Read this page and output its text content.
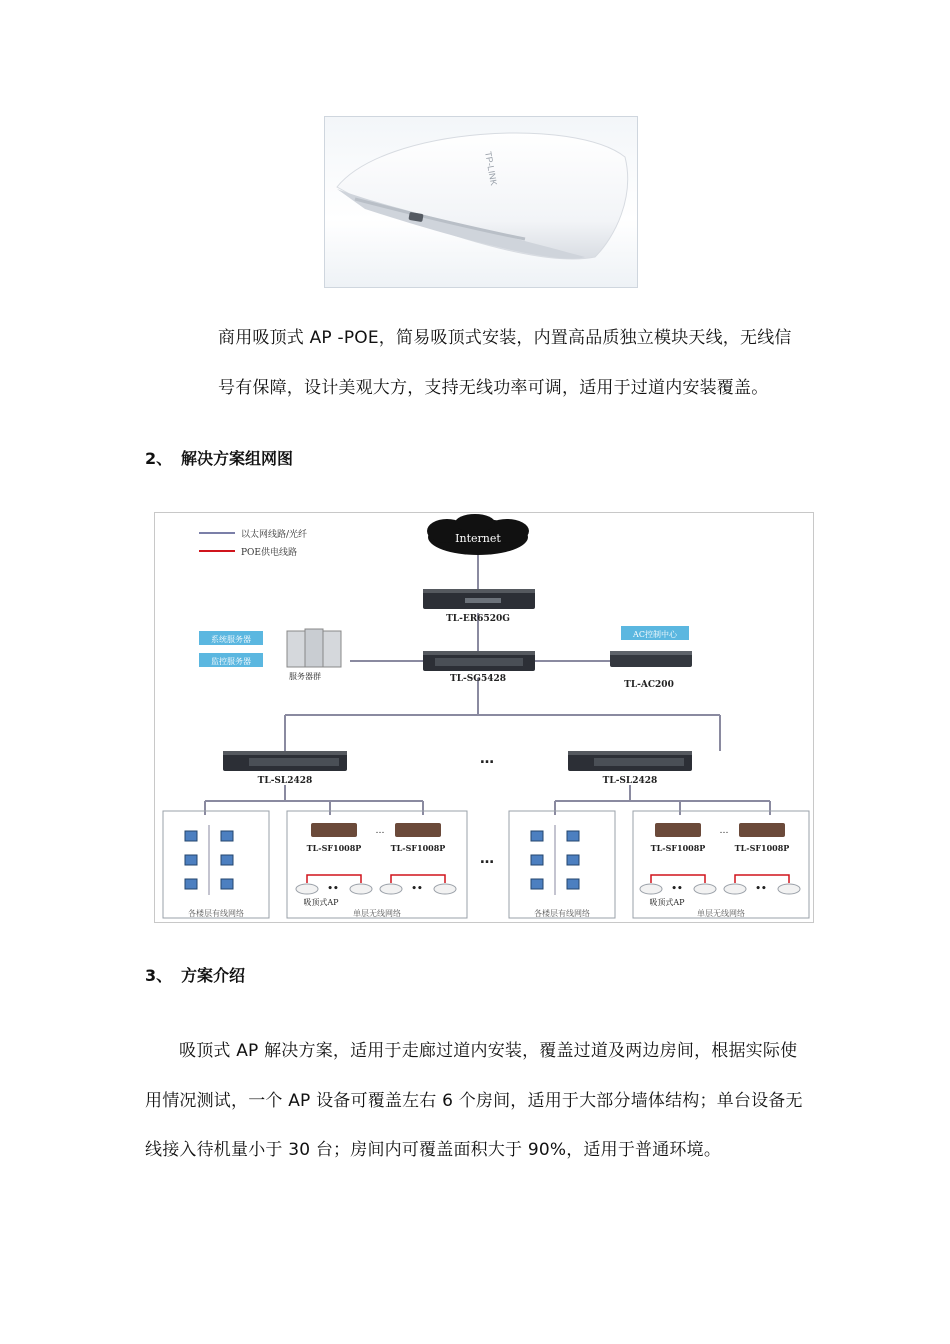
TP-LINK
商用吸顶式 AP -POE，简易吸顶式安装，内置高品质独立模块天线，无线信
号有保障，设计美观大方，支持无线功率可调，适用于过道内安装覆盖。
2、 解决方案组网图
以太网线路/光纤
POE供电线路
Internet
TL-ER6520G
TL-SG5428
系统服务器
监控服务器
服务器群
AC控制中心
TL-AC200
…
TL-SL2428	TL-SL2428
…
…	…
TL-SF1008P	TL-SF1008P	TL-SF1008P	TL-SF1008P
••	••	••	••
吸顶式AP	吸顶式AP
各楼层有线网络	单层无线网络	各楼层有线网络	单层无线网络
3、 方案介绍
吸顶式 AP 解决方案，适用于走廊过道内安装，覆盖过道及两边房间，根据实际使
用情况测试，一个 AP 设备可覆盖左右 6 个房间，适用于大部分墙体结构；单台设备无
线接入待机量小于 30 台；房间内可覆盖面积大于 90%，适用于普通环境。
